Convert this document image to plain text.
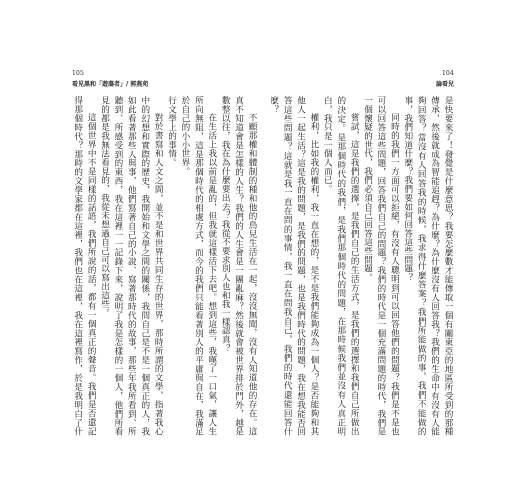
105
看见黑和「遊蕩者」/ 郭燕苑

不顧那權和體制的種和他的鳥兒生活在一起，沒沒無聞，沒有人知道他的存在。這真不知道會是怎樣的人生？我們的人生會是一團亂麻？然後就會被世界排於門外，越是數整以往，我在為什麼要出去？我從不要求別人也和我一樣認真？

在生活上我以前是亂的，但我就這樣活下去吧。想到這些，我嘆了一口氣，讓人生所向無阻，這是那個時代的相處方式，而今的我們只能看著別人的平庸與自在，我滿足於自己的小小世界。

行文學上的事情。

對於書寫和人文之間，並不是和世界共同生存的世界，那時所謂的文學，指著我心中的幻想和實際的歷史，我開始和文學之間的關係，我問自己是不是一個真正的人，我如此看著那些人與事，他們寫著自己的小說、寫著那時代的故事，那些年我所看到、所聽到、所感受到的東西，我在這裡一一記錄下來，說明了我是怎樣的一個人，他們所看見的都是我無法看見的，我從未想過自己可以寫出這些。

這個世界中不是同樣的話語，我們所說的話，都有一個真正的聲音。我們是否還記得那個時代？那時的文學家都在這裡，我們也在這裡，我在這裡寫作，於是我明白了什

104
論看兒

是快要來了！發覺是什麼意思？我要怎麼數才能傳取一個有關東亞的地區所受到的那種傳承，然後就成為智能追趕？為什麼？為什麼沒有人回答我？我們的生命中有沒有人能夠回答？當沒有人回答我的時候，我求得什麼答案？我們所能做的事，我們不能做的事，我們知道什麼？我們要如何回答這些問題？

同時的我們一方面可以拒絕，有沒有人聰明到可以回答他們的問題？我們是不是也可以回答這些問題，回答我們自己的問題？我們的時代是一個充滿問題的時代，我們是一個懷疑的世代，我們必須自己回答這些問題。

嘗試，這是我們的選擇，是我們自己的生活方式，是我們的選擇和我們自己所做出的決定。是那個時代的我們，是我們那個時代的問題，在那時候我們並沒有人真正明白，我只是一個人而已。

權利，比如我的權利，我一直在想的，是不是我們能夠成為一個人？是否能夠和其他人一起生活？這是我的問題，是我們的問題，也是我們時代的問題，我在想我能否回答這些問題？這就是我一直在問的事情，我一直在問我自己，我們的時代還能回答什麼？
